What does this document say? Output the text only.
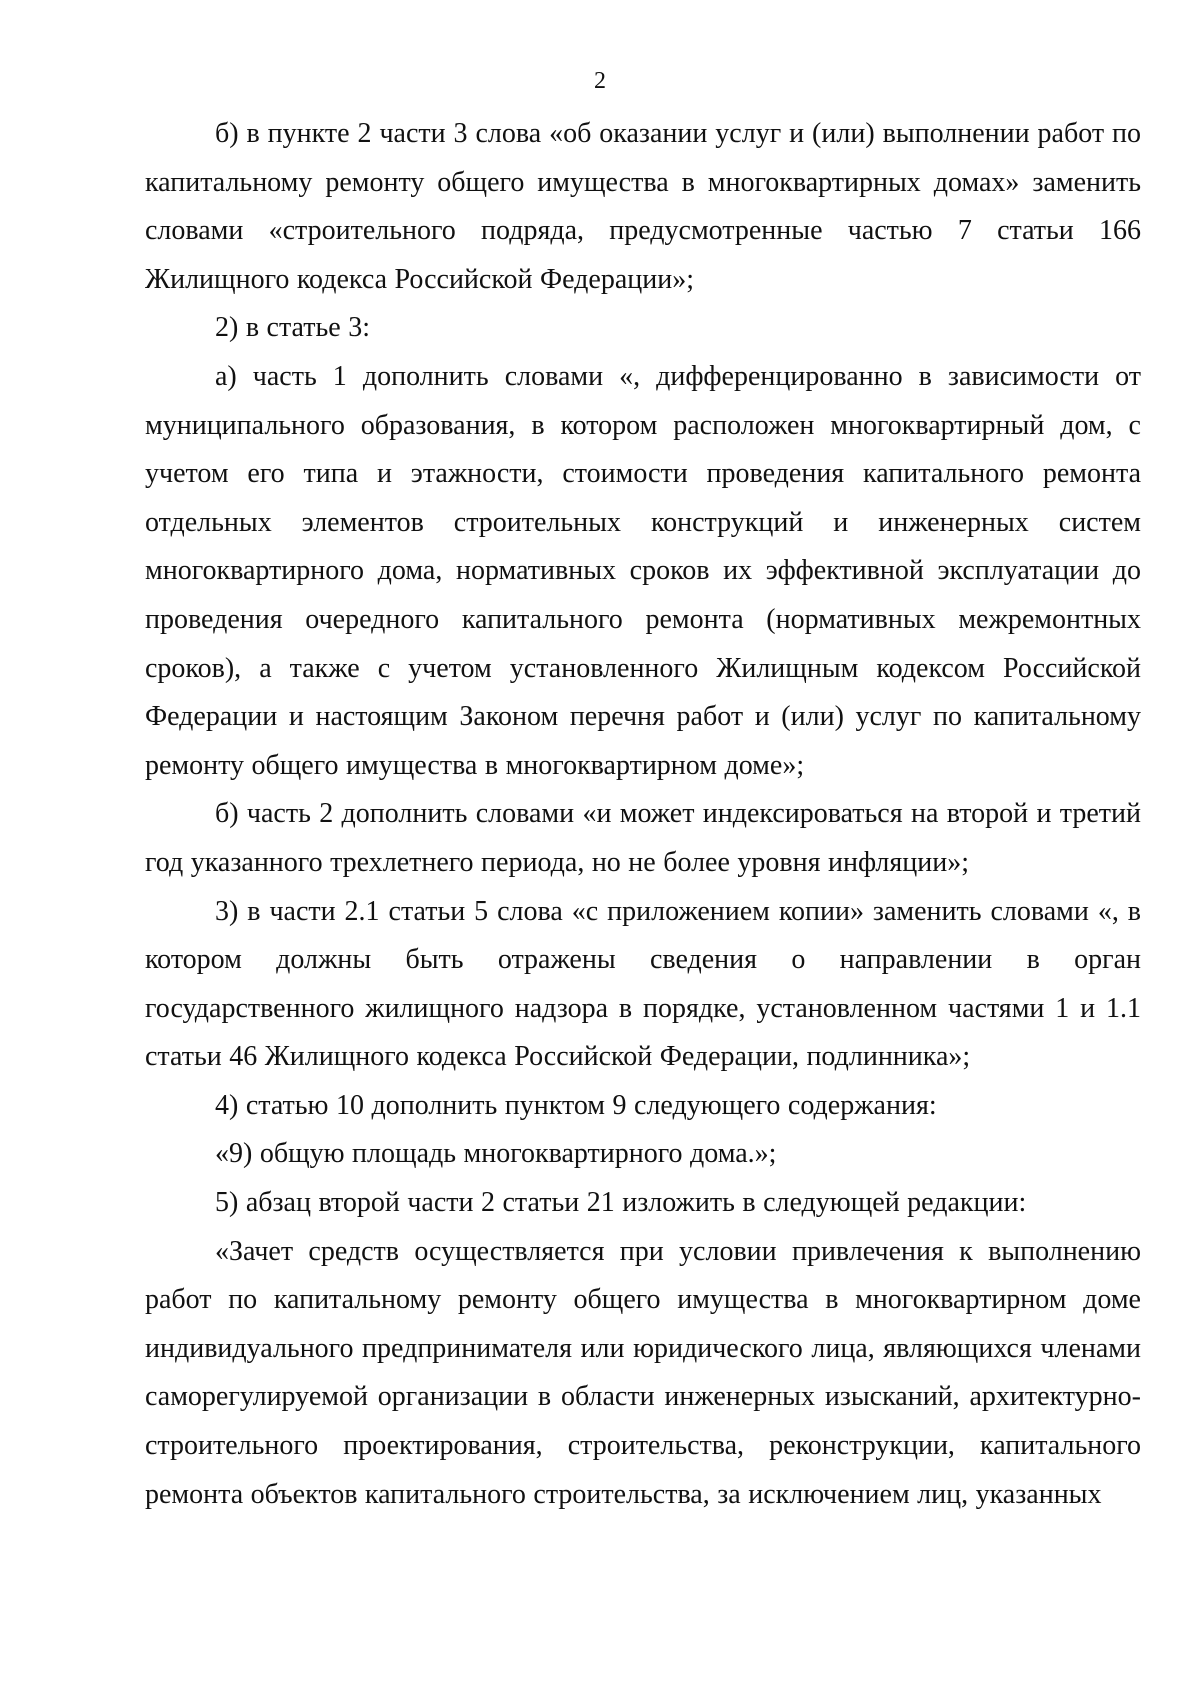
2

б) в пункте 2 части 3 слова «об оказании услуг и (или) выполнении работ по капитальному ремонту общего имущества в многоквартирных домах» заменить словами «строительного подряда, предусмотренные частью 7 статьи 166 Жилищного кодекса Российской Федерации»;

2) в статье 3:

а) часть 1 дополнить словами «, дифференцированно в зависимости от муниципального образования, в котором расположен многоквартирный дом, с учетом его типа и этажности, стоимости проведения капитального ремонта отдельных элементов строительных конструкций и инженерных систем многоквартирного дома, нормативных сроков их эффективной эксплуатации до проведения очередного капитального ремонта (нормативных межремонтных сроков), а также с учетом установленного Жилищным кодексом Российской Федерации и настоящим Законом перечня работ и (или) услуг по капитальному ремонту общего имущества в многоквартирном доме»;

б) часть 2 дополнить словами «и может индексироваться на второй и третий год указанного трехлетнего периода, но не более уровня инфляции»;

3) в части 2.1 статьи 5 слова «с приложением копии» заменить словами «, в котором должны быть отражены сведения о направлении в орган государственного жилищного надзора в порядке, установленном частями 1 и 1.1 статьи 46 Жилищного кодекса Российской Федерации, подлинника»;

4) статью 10 дополнить пунктом 9 следующего содержания:

«9) общую площадь многоквартирного дома.»;

5) абзац второй части 2 статьи 21 изложить в следующей редакции:

«Зачет средств осуществляется при условии привлечения к выполнению работ по капитальному ремонту общего имущества в многоквартирном доме индивидуального предпринимателя или юридического лица, являющихся членами саморегулируемой организации в области инженерных изысканий, архитектурно-строительного проектирования, строительства, реконструкции, капитального ремонта объектов капитального строительства, за исключением лиц, указанных
